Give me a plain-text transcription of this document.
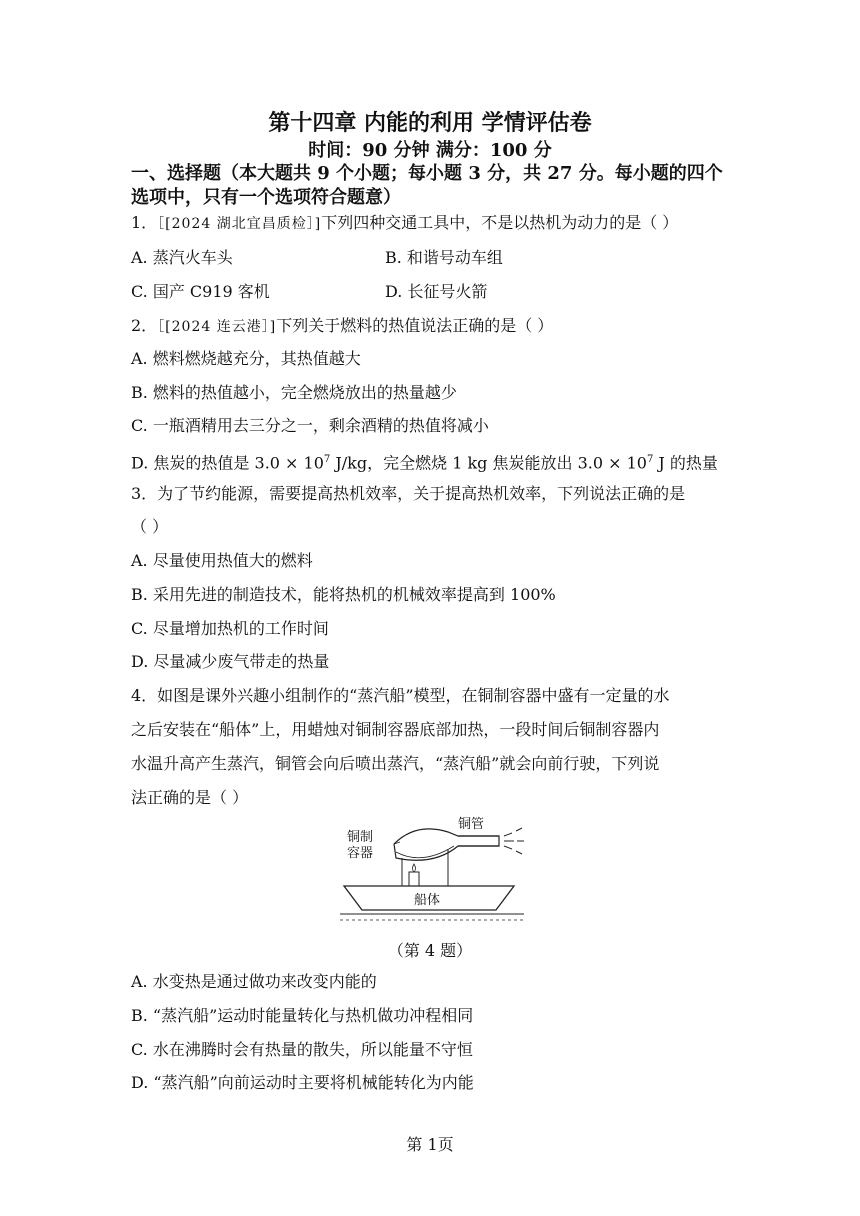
第十四章 内能的利用 学情评估卷
时间：90 分钟 满分：100 分
一、选择题（本大题共 9 个小题；每小题 3 分，共 27 分。每小题的四个选项中，只有一个选项符合题意）
1．［[2024 湖北宜昌质检］]下列四种交通工具中，不是以热机为动力的是（ ）
A. 蒸汽火车头	B. 和谐号动车组
C. 国产 C919 客机	D. 长征号火箭
2．［[2024 连云港］]下列关于燃料的热值说法正确的是（ ）
A. 燃料燃烧越充分，其热值越大
B. 燃料的热值越小，完全燃烧放出的热量越少
C. 一瓶酒精用去三分之一，剩余酒精的热值将减小
D. 焦炭的热值是 $3.0 \times 10^7$ J/kg，完全燃烧 1 kg 焦炭能放出 $3.0 \times 10^7$ J 的热量
3．为了节约能源，需要提高热机效率，关于提高热机效率，下列说法正确的是
（ ）
A. 尽量使用热值大的燃料
B. 采用先进的制造技术，能将热机的机械效率提高到 100%
C. 尽量增加热机的工作时间
D. 尽量减少废气带走的热量
4．如图是课外兴趣小组制作的“蒸汽船”模型，在铜制容器中盛有一定量的水
之后安装在“船体”上，用蜡烛对铜制容器底部加热，一段时间后铜制容器内
水温升高产生蒸汽，铜管会向后喷出蒸汽，“蒸汽船”就会向前行驶，下列说
法正确的是（ ）
铜制
容器
铜管
船体
（第 4 题）
A. 水变热是通过做功来改变内能的
B. “蒸汽船”运动时能量转化与热机做功冲程相同
C. 水在沸腾时会有热量的散失，所以能量不守恒
D. “蒸汽船”向前运动时主要将机械能转化为内能
第 1页
